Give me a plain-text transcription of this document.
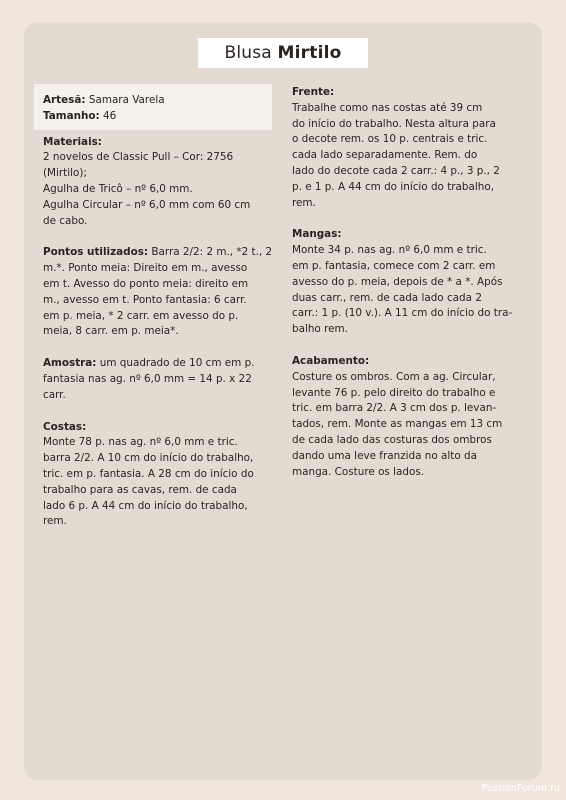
Blusa Mirtilo
Artesã: Samara Varela
Tamanho: 46
Materiais:
2 novelos de Classic Pull – Cor: 2756
(Mirtilo);
Agulha de Tricô – nº 6,0 mm.
Agulha Circular – nº 6,0 mm com 60 cm
de cabo.
Pontos utilizados: Barra 2/2: 2 m., *2 t., 2
m.*. Ponto meia: Direito em m., avesso
em t. Avesso do ponto meia: direito em
m., avesso em t. Ponto fantasia: 6 carr.
em p. meia, * 2 carr. em avesso do p.
meia, 8 carr. em p. meia*.
Amostra: um quadrado de 10 cm em p.
fantasia nas ag. nº 6,0 mm = 14 p. x 22
carr.
Costas:
Monte 78 p. nas ag. nº 6,0 mm e tric.
barra 2/2. A 10 cm do início do trabalho,
tric. em p. fantasia. A 28 cm do início do
trabalho para as cavas, rem. de cada
lado 6 p. A 44 cm do início do trabalho,
rem.
Frente:
Trabalhe como nas costas até 39 cm
do início do trabalho. Nesta altura para
o decote rem. os 10 p. centrais e tric.
cada lado separadamente. Rem. do
lado do decote cada 2 carr.: 4 p., 3 p., 2
p. e 1 p. A 44 cm do início do trabalho,
rem.
Mangas:
Monte 34 p. nas ag. nº 6,0 mm e tric.
em p. fantasia, comece com 2 carr. em
avesso do p. meia, depois de * a *. Após
duas carr., rem. de cada lado cada 2
carr.: 1 p. (10 v.). A 11 cm do início do tra-
balho rem.
Acabamento:
Costure os ombros. Com a ag. Circular,
levante 76 p. pelo direito do trabalho e
tric. em barra 2/2. A 3 cm dos p. levan-
tados, rem. Monte as mangas em 13 cm
de cada lado das costuras dos ombros
dando uma leve franzida no alto da
manga. Costure os lados.
PassionForum.ru
